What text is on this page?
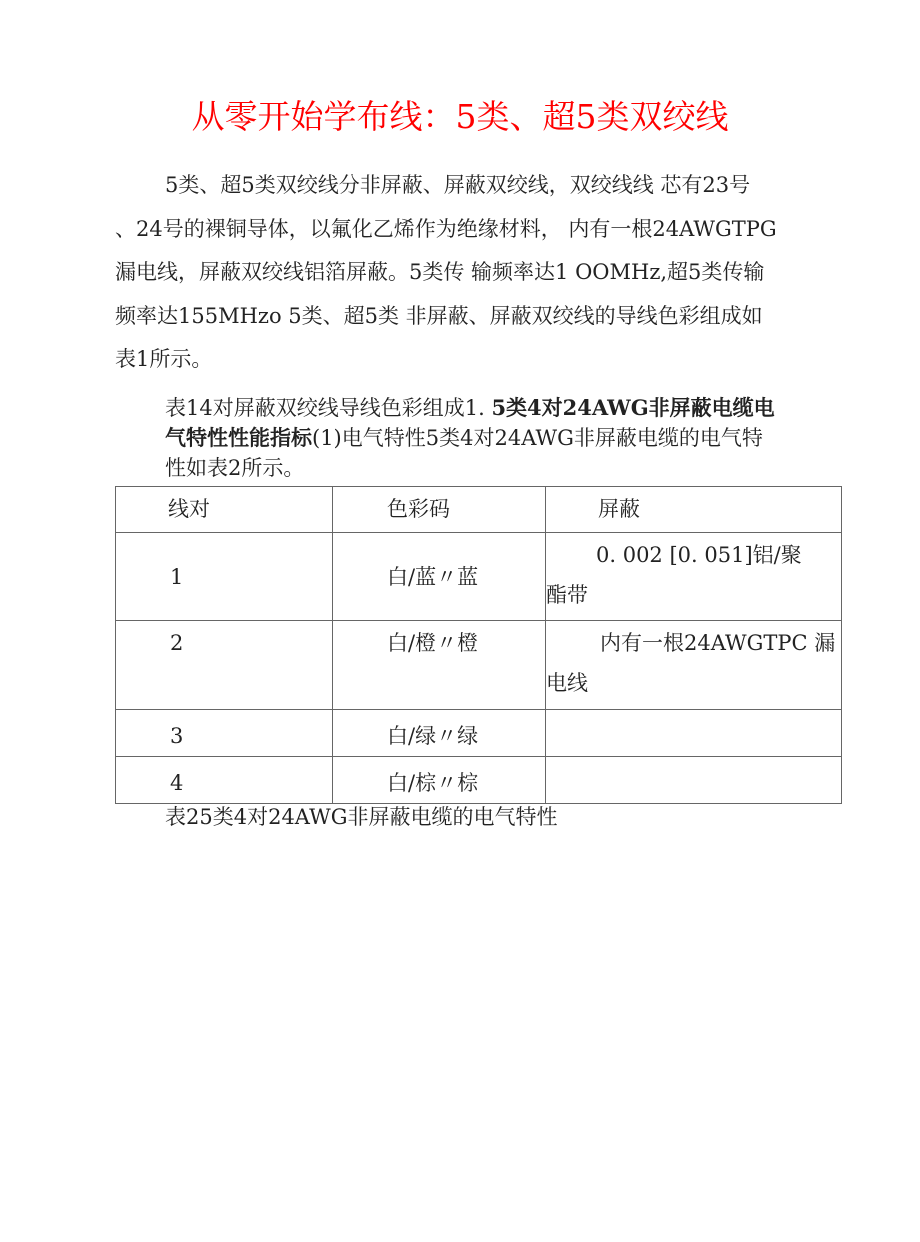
从零开始学布线：5类、超5类双绞线
5类、超5类双绞线分非屏蔽、屏蔽双绞线，双绞线线 芯有23号
、24号的裸铜导体，以氟化乙烯作为绝缘材料， 内有一根24AWGTPG
漏电线，屏蔽双绞线铝箔屏蔽。5类传 输频率达1 OOMHz,超5类传输
频率达155MHzo 5类、超5类 非屏蔽、屏蔽双绞线的导线色彩组成如
表1所示。
表14对屏蔽双绞线导线色彩组成1. 5类4对24AWG非屏蔽电缆电
气特性性能指标(1)电气特性5类4对24AWG非屏蔽电缆的电气特
性如表2所示。
线对	色彩码	屏蔽

1	白/蓝〃蓝	0. 002 [0. 051]铝/聚
酯带

2	白/橙〃橙	内有一根24AWGTPC 漏
电线

3	白/绿〃绿	

4	白/棕〃棕	

表25类4对24AWG非屏蔽电缆的电气特性
